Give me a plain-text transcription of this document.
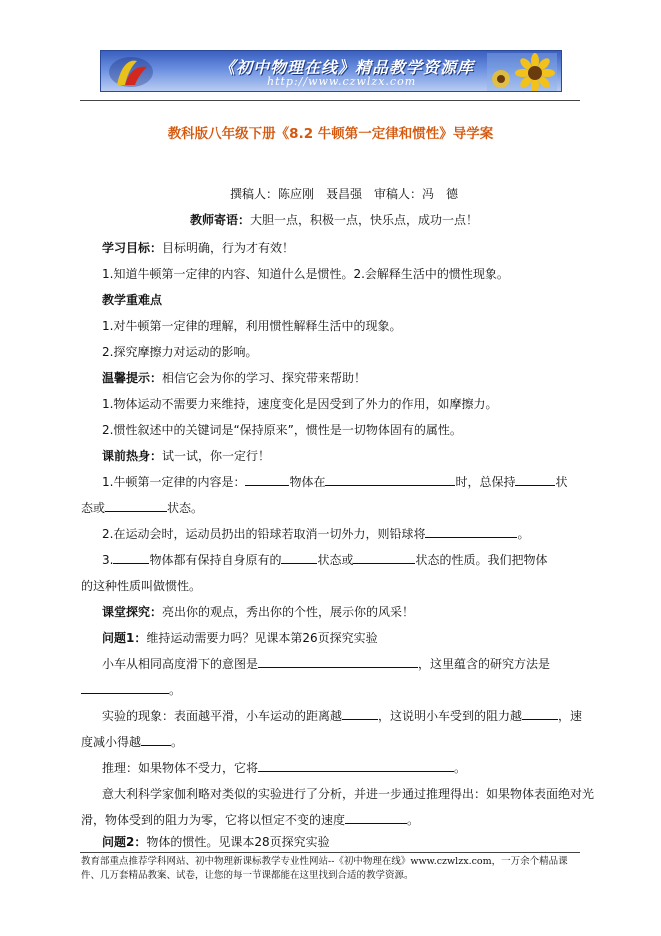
《初中物理在线》精品教学资源库
http://www.czwlzx.com
教科版八年级下册《8.2 牛顿第一定律和惯性》导学案
撰稿人：陈应刚　聂昌强　审稿人：冯　德
教师寄语：大胆一点，积极一点，快乐点，成功一点！
学习目标：目标明确，行为才有效！
1.知道牛顿第一定律的内容、知道什么是惯性。2.会解释生活中的惯性现象。
教学重难点
1.对牛顿第一定律的理解，利用惯性解释生活中的现象。
2.探究摩擦力对运动的影响。
温馨提示：相信它会为你的学习、探究带来帮助！
1.物体运动不需要力来维持，速度变化是因受到了外力的作用，如摩擦力。
2.惯性叙述中的关键词是“保持原来”，惯性是一切物体固有的属性。
课前热身：试一试，你一定行！
1.牛顿第一定律的内容是：	物体在	时，总保持	状
态或	状态。
2.在运动会时，运动员扔出的铅球若取消一切外力，则铅球将	。
3.	物体都有保持自身原有的	状态或	状态的性质。我们把物体
的这种性质叫做惯性。
课堂探究：亮出你的观点，秀出你的个性，展示你的风采！
问题1：维持运动需要力吗？见课本第26页探究实验
小车从相同高度滑下的意图是	，这里蕴含的研究方法是
。
实验的现象：表面越平滑，小车运动的距离越	，这说明小车受到的阻力越	，速
度减小得越	。
推理：如果物体不受力，它将	。
意大利科学家伽利略对类似的实验进行了分析，并进一步通过推理得出：如果物体表面绝对光
滑，物体受到的阻力为零，它将以恒定不变的速度	。
问题2：物体的惯性。见课本28页探究实验
教育部重点推荐学科网站、初中物理新课标教学专业性网站--《初中物理在线》www.czwlzx.com，一万余个精品课
件、几万套精品教案、试卷，让您的每一节课都能在这里找到合适的教学资源。
